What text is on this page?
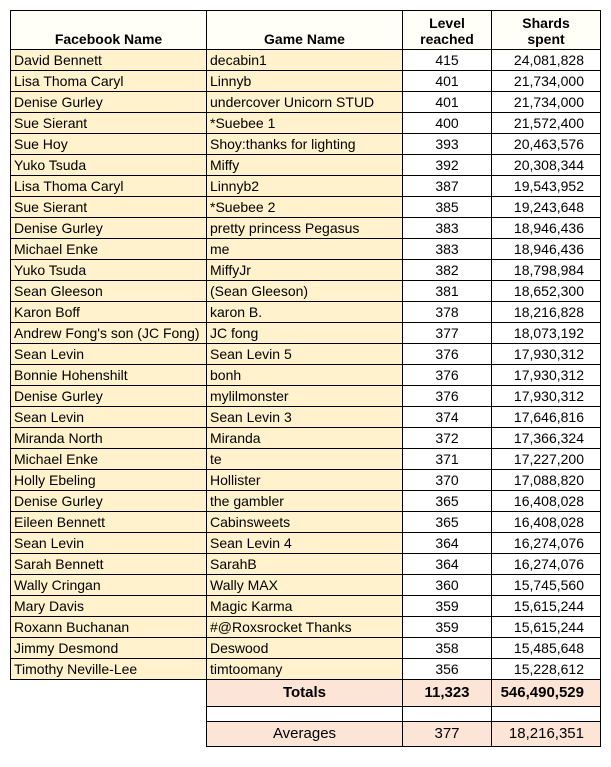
Facebook Name	Game Name	Level reached	Shards spent
David Bennett	decabin1	415	24,081,828
Lisa Thoma Caryl	Linnyb	401	21,734,000
Denise Gurley	undercover Unicorn STUD	401	21,734,000
Sue Sierant	*Suebee 1	400	21,572,400
Sue Hoy	Shoy:thanks for lighting	393	20,463,576
Yuko Tsuda	Miffy	392	20,308,344
Lisa Thoma Caryl	Linnyb2	387	19,543,952
Sue Sierant	*Suebee 2	385	19,243,648
Denise Gurley	pretty princess Pegasus	383	18,946,436
Michael Enke	me	383	18,946,436
Yuko Tsuda	MiffyJr	382	18,798,984
Sean Gleeson	(Sean Gleeson)	381	18,652,300
Karon Boff	karon B.	378	18,216,828
Andrew Fong's son (JC Fong)	JC fong	377	18,073,192
Sean Levin	Sean Levin 5	376	17,930,312
Bonnie Hohenshilt	bonh	376	17,930,312
Denise Gurley	mylilmonster	376	17,930,312
Sean Levin	Sean Levin 3	374	17,646,816
Miranda North	Miranda	372	17,366,324
Michael Enke	te	371	17,227,200
Holly Ebeling	Hollister	370	17,088,820
Denise Gurley	the gambler	365	16,408,028
Eileen Bennett	Cabinsweets	365	16,408,028
Sean Levin	Sean Levin 4	364	16,274,076
Sarah Bennett	SarahB	364	16,274,076
Wally Cringan	Wally MAX	360	15,745,560
Mary Davis	Magic Karma	359	15,615,244
Roxann Buchanan	#@Roxsrocket Thanks	359	15,615,244
Jimmy Desmond	Deswood	358	15,485,648
Timothy Neville-Lee	timtoomany	356	15,228,612
	Totals	11,323	546,490,529

	Averages	377	18,216,351
